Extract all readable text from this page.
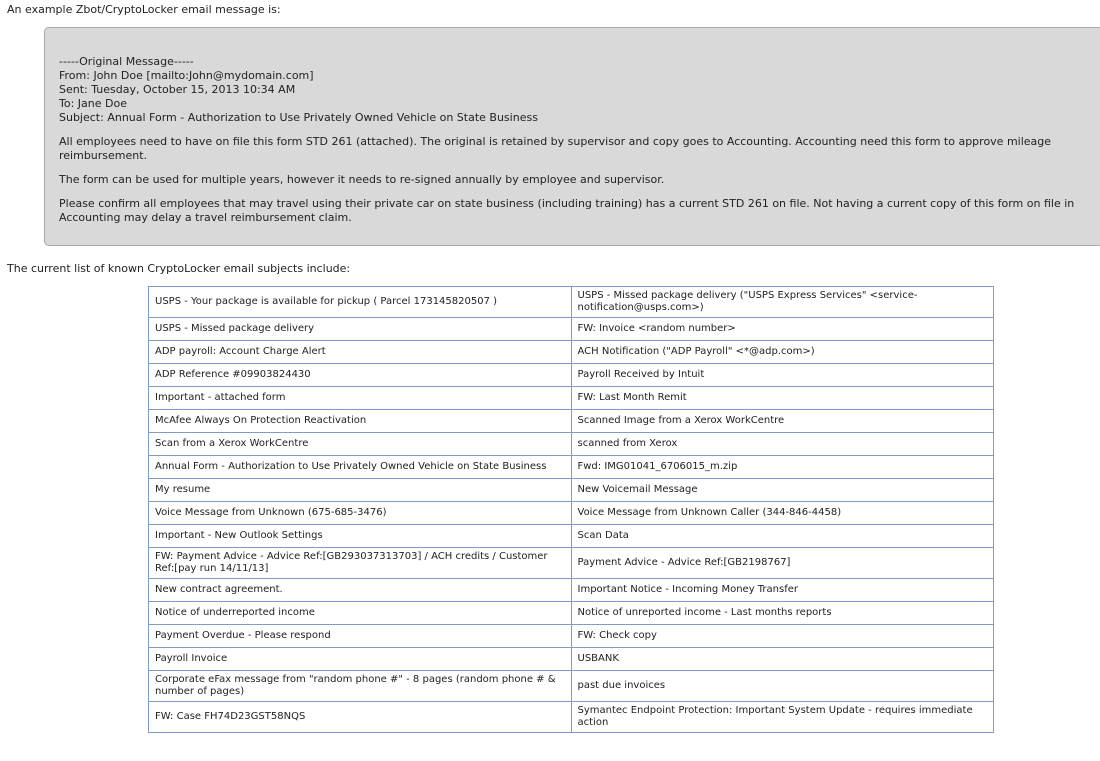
An example Zbot/CryptoLocker email message is:

-----Original Message-----
From: John Doe [mailto:John@mydomain.com]
Sent: Tuesday, October 15, 2013 10:34 AM
To: Jane Doe
Subject: Annual Form - Authorization to Use Privately Owned Vehicle on State Business

All employees need to have on file this form STD 261 (attached). The original is retained by supervisor and copy goes to Accounting. Accounting need this form to approve mileage reimbursement.

The form can be used for multiple years, however it needs to re-signed annually by employee and supervisor.

Please confirm all employees that may travel using their private car on state business (including training) has a current STD 261 on file. Not having a current copy of this form on file in Accounting may delay a travel reimbursement claim.

The current list of known CryptoLocker email subjects include:

USPS - Your package is available for pickup ( Parcel 173145820507 )	USPS - Missed package delivery ("USPS Express Services" <service-notification@usps.com>)
USPS - Missed package delivery	FW: Invoice <random number>
ADP payroll: Account Charge Alert	ACH Notification ("ADP Payroll" <*@adp.com>)
ADP Reference #09903824430	Payroll Received by Intuit
Important - attached form	FW: Last Month Remit
McAfee Always On Protection Reactivation	Scanned Image from a Xerox WorkCentre
Scan from a Xerox WorkCentre	scanned from Xerox
Annual Form - Authorization to Use Privately Owned Vehicle on State Business	Fwd: IMG01041_6706015_m.zip
My resume	New Voicemail Message
Voice Message from Unknown (675-685-3476)	Voice Message from Unknown Caller (344-846-4458)
Important - New Outlook Settings	Scan Data
FW: Payment Advice - Advice Ref:[GB293037313703] / ACH credits / Customer Ref:[pay run 14/11/13]	Payment Advice - Advice Ref:[GB2198767]
New contract agreement.	Important Notice - Incoming Money Transfer
Notice of underreported income	Notice of unreported income - Last months reports
Payment Overdue - Please respond	FW: Check copy
Payroll Invoice	USBANK
Corporate eFax message from "random phone #" - 8 pages (random phone # & number of pages)	past due invoices
FW: Case FH74D23GST58NQS	Symantec Endpoint Protection: Important System Update - requires immediate action
